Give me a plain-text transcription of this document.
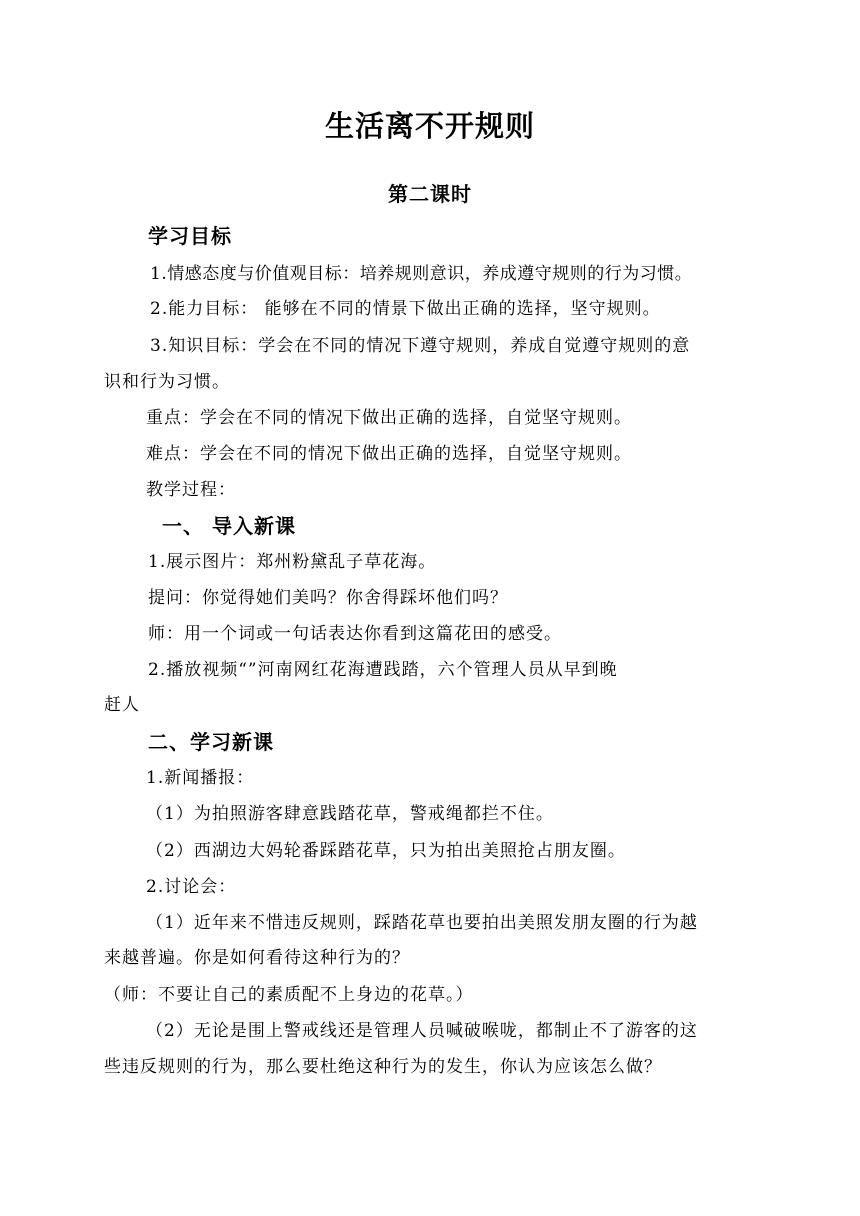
生活离不开规则
第二课时
学习目标
1.情感态度与价值观目标：培养规则意识，养成遵守规则的行为习惯。
2.能力目标： 能够在不同的情景下做出正确的选择，坚守规则。
3.知识目标：学会在不同的情况下遵守规则，养成自觉遵守规则的意
识和行为习惯。
重点：学会在不同的情况下做出正确的选择，自觉坚守规则。
难点：学会在不同的情况下做出正确的选择，自觉坚守规则。
教学过程：
一、 导入新课
1.展示图片：郑州粉黛乱子草花海。
提问：你觉得她们美吗？你舍得踩坏他们吗？
师：用一个词或一句话表达你看到这篇花田的感受。
2.播放视频“”河南网红花海遭践踏，六个管理人员从早到晚
赶人
二、学习新课
1.新闻播报：
（1）为拍照游客肆意践踏花草，警戒绳都拦不住。
（2）西湖边大妈轮番踩踏花草，只为拍出美照抢占朋友圈。
2.讨论会：
（1）近年来不惜违反规则，踩踏花草也要拍出美照发朋友圈的行为越
来越普遍。你是如何看待这种行为的？
（师：不要让自己的素质配不上身边的花草。）
（2）无论是围上警戒线还是管理人员喊破喉咙，都制止不了游客的这
些违反规则的行为，那么要杜绝这种行为的发生，你认为应该怎么做？
